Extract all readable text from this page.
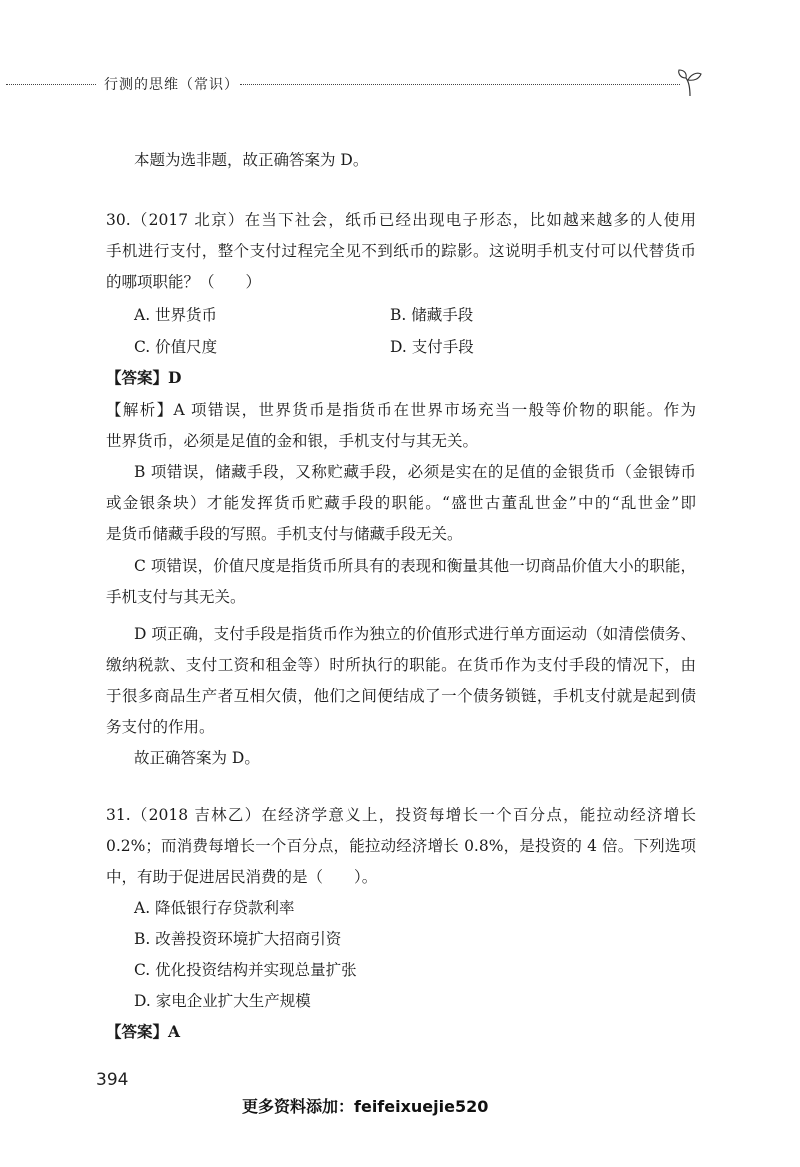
行测的思维（常识）
本题为选非题，故正确答案为 D。
30.（2017 北京）在当下社会，纸币已经出现电子形态，比如越来越多的人使用
手机进行支付，整个支付过程完全见不到纸币的踪影。这说明手机支付可以代替货币
的哪项职能？（　　）
A. 世界货币	B. 储藏手段
C. 价值尺度	D. 支付手段
【答案】D
【解析】A 项错误，世界货币是指货币在世界市场充当一般等价物的职能。作为
世界货币，必须是足值的金和银，手机支付与其无关。
B 项错误，储藏手段，又称贮藏手段，必须是实在的足值的金银货币（金银铸币
或金银条块）才能发挥货币贮藏手段的职能。“盛世古董乱世金”中的“乱世金”即
是货币储藏手段的写照。手机支付与储藏手段无关。
C 项错误，价值尺度是指货币所具有的表现和衡量其他一切商品价值大小的职能，
手机支付与其无关。
D 项正确，支付手段是指货币作为独立的价值形式进行单方面运动（如清偿债务、
缴纳税款、支付工资和租金等）时所执行的职能。在货币作为支付手段的情况下，由
于很多商品生产者互相欠债，他们之间便结成了一个债务锁链，手机支付就是起到债
务支付的作用。
故正确答案为 D。
31.（2018 吉林乙）在经济学意义上，投资每增长一个百分点，能拉动经济增长
0.2%；而消费每增长一个百分点，能拉动经济增长 0.8%，是投资的 4 倍。下列选项
中，有助于促进居民消费的是（　　）。
A. 降低银行存贷款利率
B. 改善投资环境扩大招商引资
C. 优化投资结构并实现总量扩张
D. 家电企业扩大生产规模
【答案】A
394
更多资料添加：feifeixuejie520
